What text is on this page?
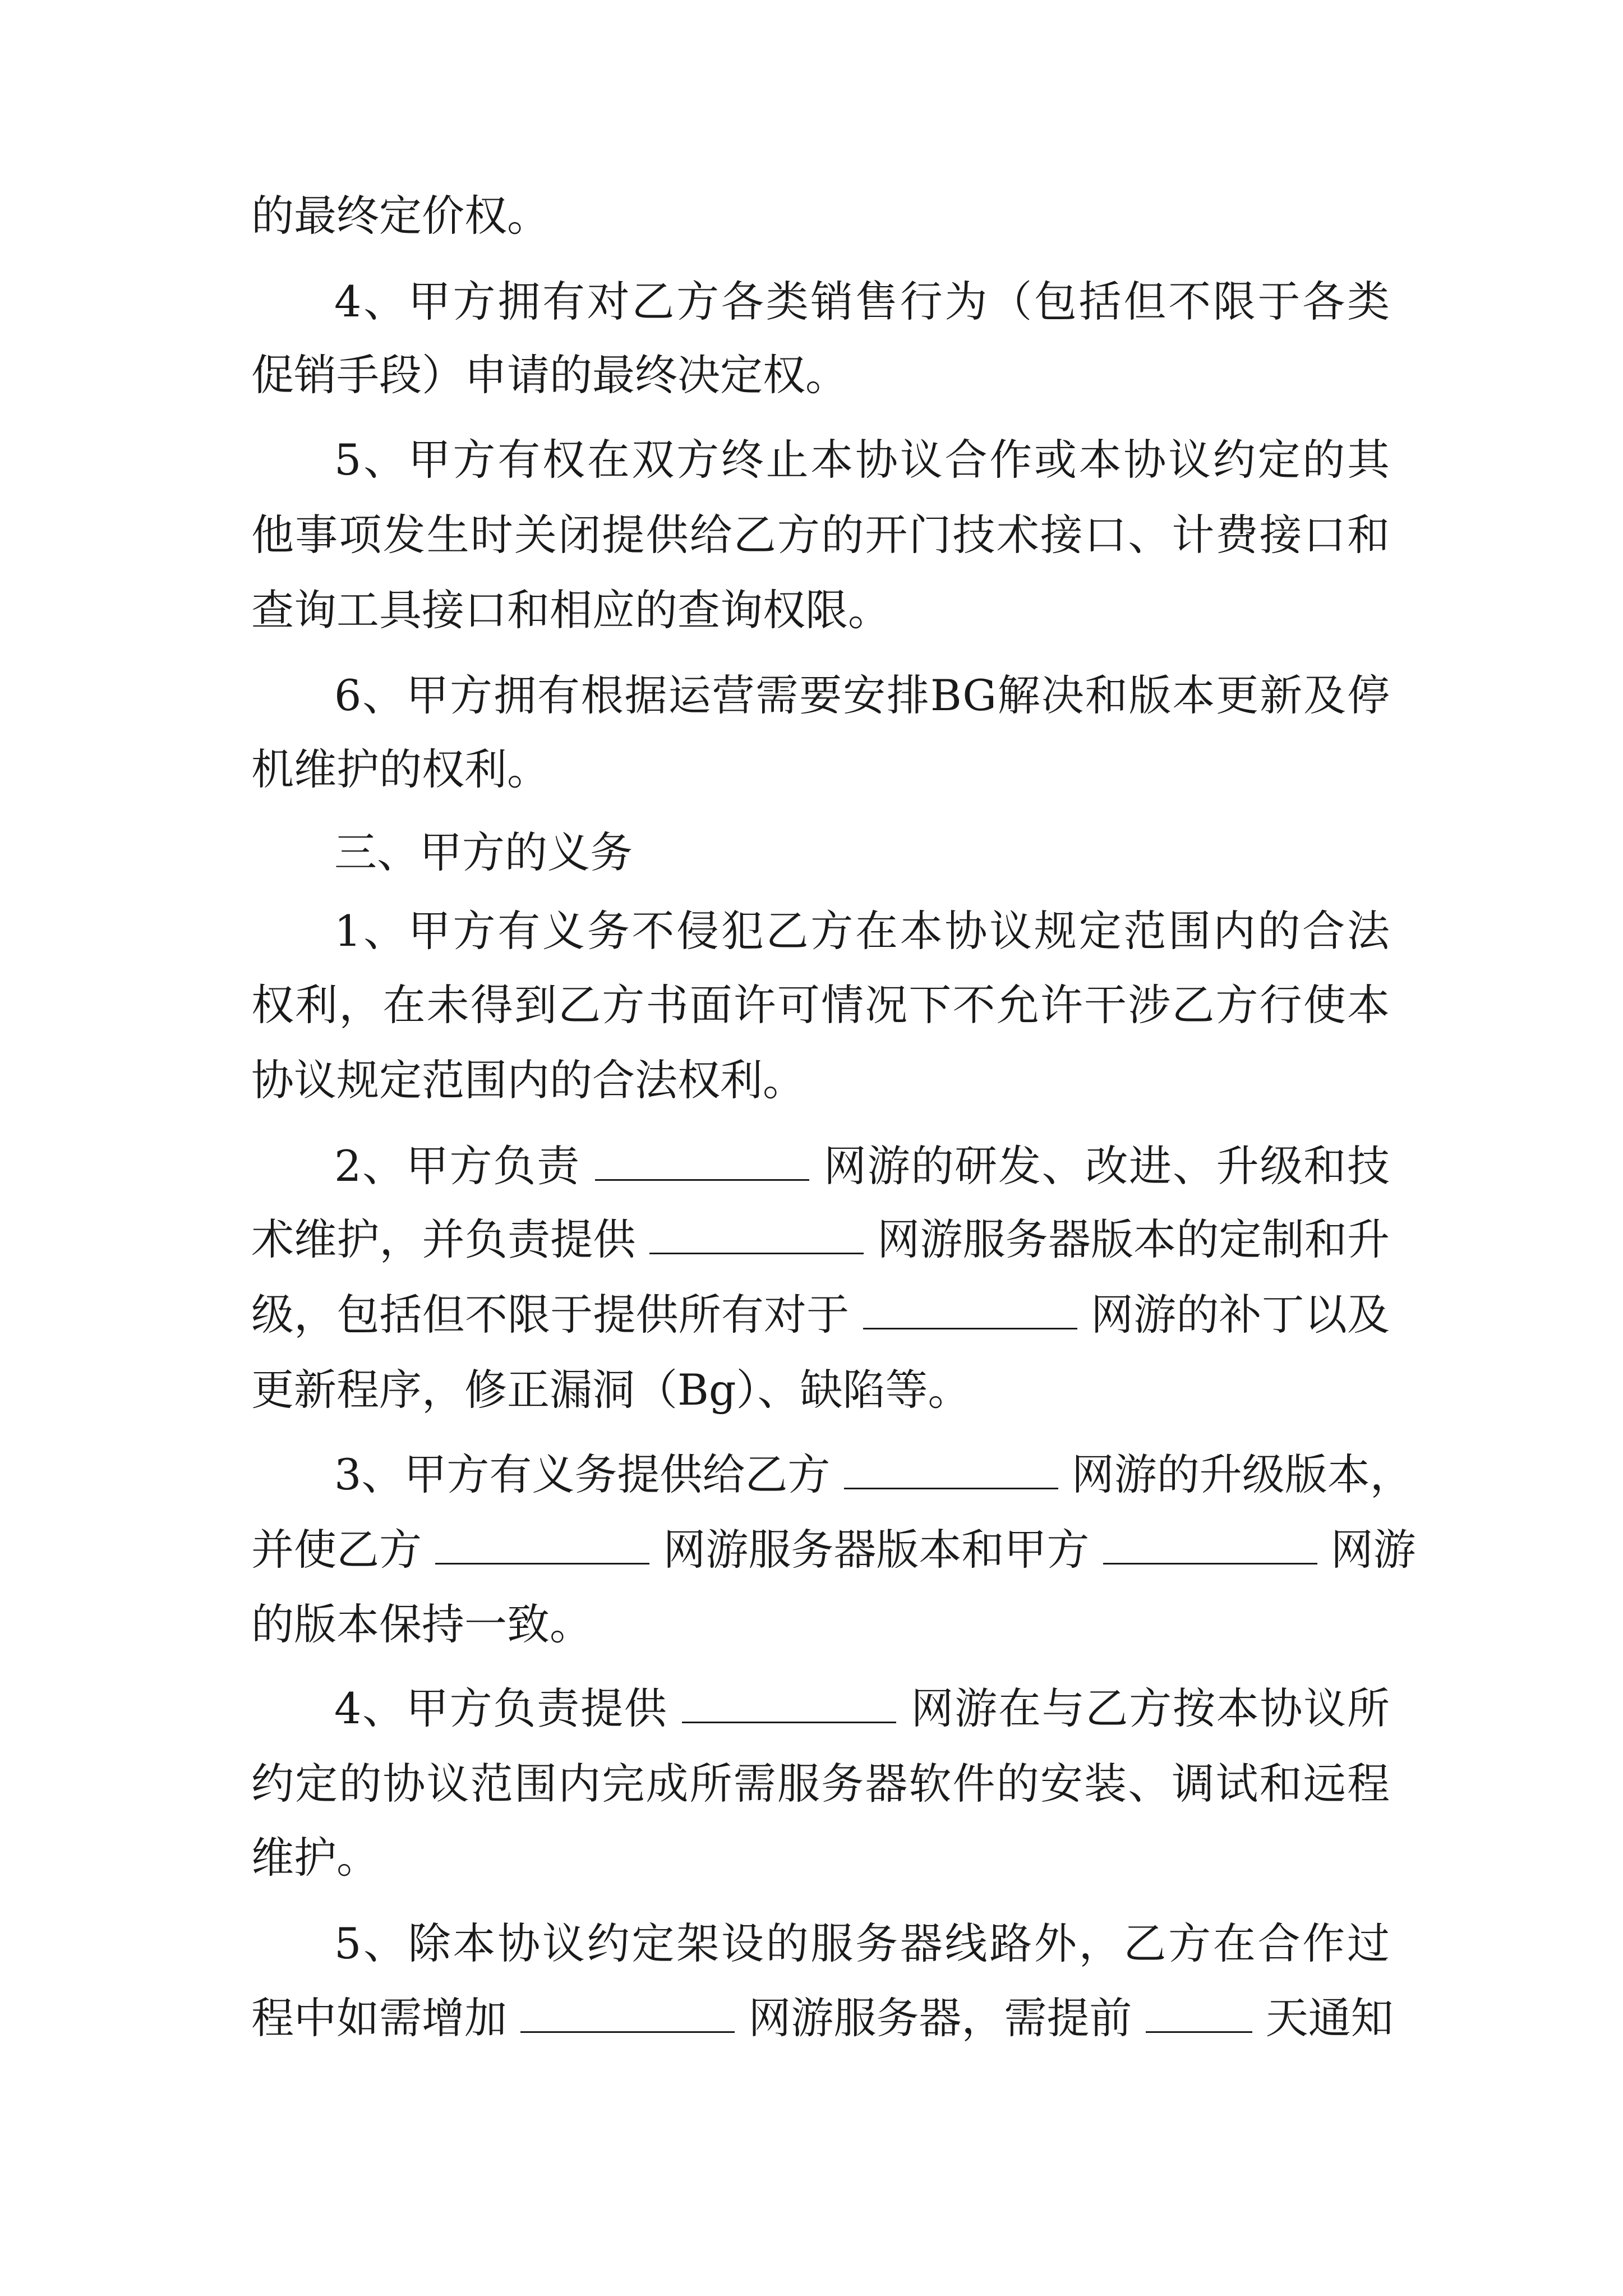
的最终定价权。
4、甲方拥有对乙方各类销售行为（包括但不限于各类
促销手段）申请的最终决定权。
5、甲方有权在双方终止本协议合作或本协议约定的其
他事项发生时关闭提供给乙方的开门技术接口、计费接口和
查询工具接口和相应的查询权限。
6、甲方拥有根据运营需要安排BG解决和版本更新及停
机维护的权利。
三、甲方的义务
1、甲方有义务不侵犯乙方在本协议规定范围内的合法
权利，在未得到乙方书面许可情况下不允许干涉乙方行使本
协议规定范围内的合法权利。
2、甲方负责	网游的研发、改进、升级和技
术维护，并负责提供	网游服务器版本的定制和升
级，包括但不限于提供所有对于	网游的补丁以及
更新程序，修正漏洞（Bg）、缺陷等。
3、甲方有义务提供给乙方	网游的升级版本，
并使乙方	网游服务器版本和甲方	网游
的版本保持一致。
4、甲方负责提供	网游在与乙方按本协议所
约定的协议范围内完成所需服务器软件的安装、调试和远程
维护。
5、除本协议约定架设的服务器线路外，乙方在合作过
程中如需增加	网游服务器，需提前	天通知
